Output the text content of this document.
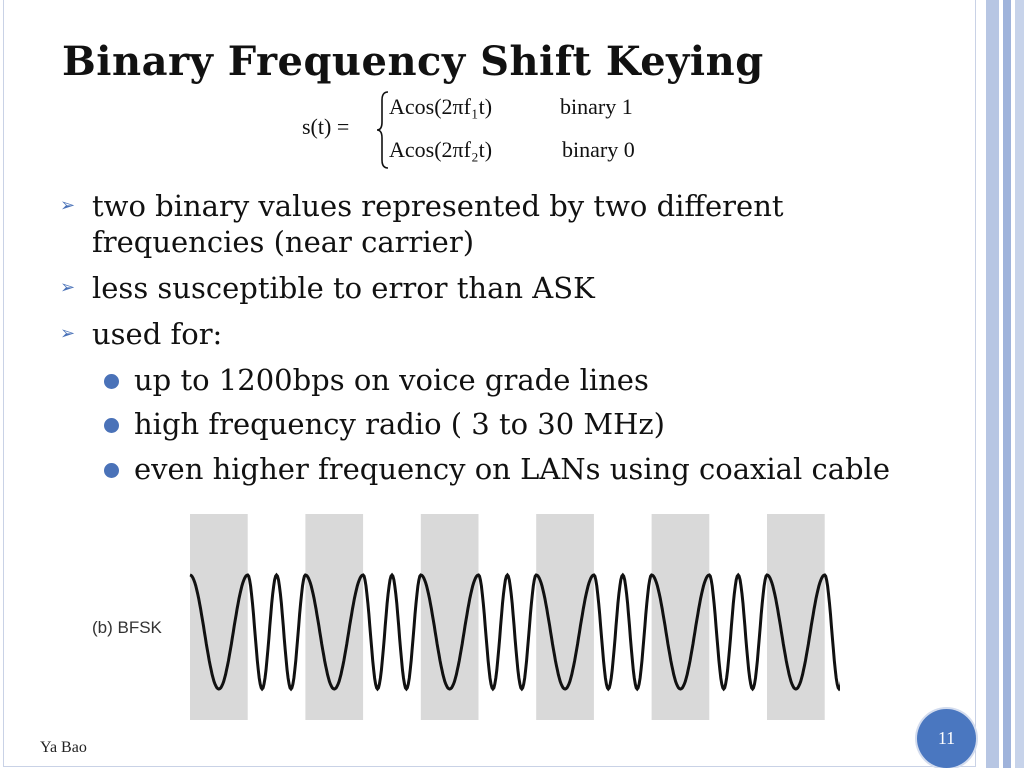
Binary Frequency Shift Keying
s(t) =
Acos(2πf₁t)	binary 1
Acos(2πf₂t)	binary 0
➢ two binary values represented by two different frequencies (near carrier)
➢ less susceptible to error than ASK
➢ used for:
up to 1200bps on voice grade lines
high frequency radio ( 3 to 30 MHz)
even higher frequency on LANs using coaxial cable
(b) BFSK
Ya Bao	11
